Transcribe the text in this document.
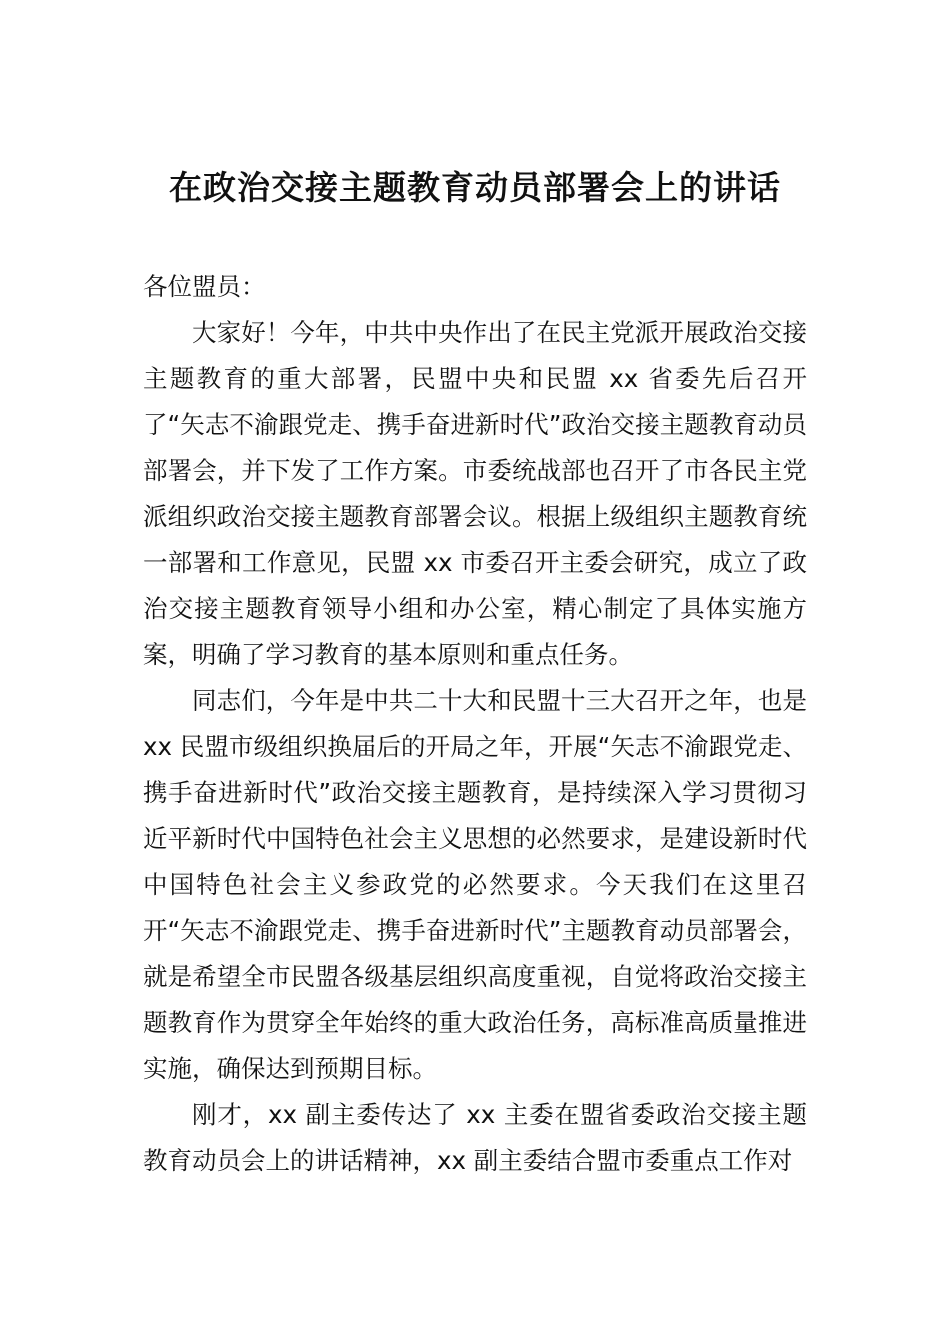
在政治交接主题教育动员部署会上的讲话

各位盟员：

大家好！今年，中共中央作出了在民主党派开展政治交接主题教育的重大部署，民盟中央和民盟 xx 省委先后召开了“矢志不渝跟党走、携手奋进新时代”政治交接主题教育动员部署会，并下发了工作方案。市委统战部也召开了市各民主党派组织政治交接主题教育部署会议。根据上级组织主题教育统一部署和工作意见，民盟 xx 市委召开主委会研究，成立了政治交接主题教育领导小组和办公室，精心制定了具体实施方案，明确了学习教育的基本原则和重点任务。

同志们，今年是中共二十大和民盟十三大召开之年，也是 xx 民盟市级组织换届后的开局之年，开展“矢志不渝跟党走、携手奋进新时代”政治交接主题教育，是持续深入学习贯彻习近平新时代中国特色社会主义思想的必然要求，是建设新时代中国特色社会主义参政党的必然要求。今天我们在这里召开“矢志不渝跟党走、携手奋进新时代”主题教育动员部署会，就是希望全市民盟各级基层组织高度重视，自觉将政治交接主题教育作为贯穿全年始终的重大政治任务，高标准高质量推进实施，确保达到预期目标。

刚才，xx 副主委传达了 xx 主委在盟省委政治交接主题教育动员会上的讲话精神，xx 副主委结合盟市委重点工作对
